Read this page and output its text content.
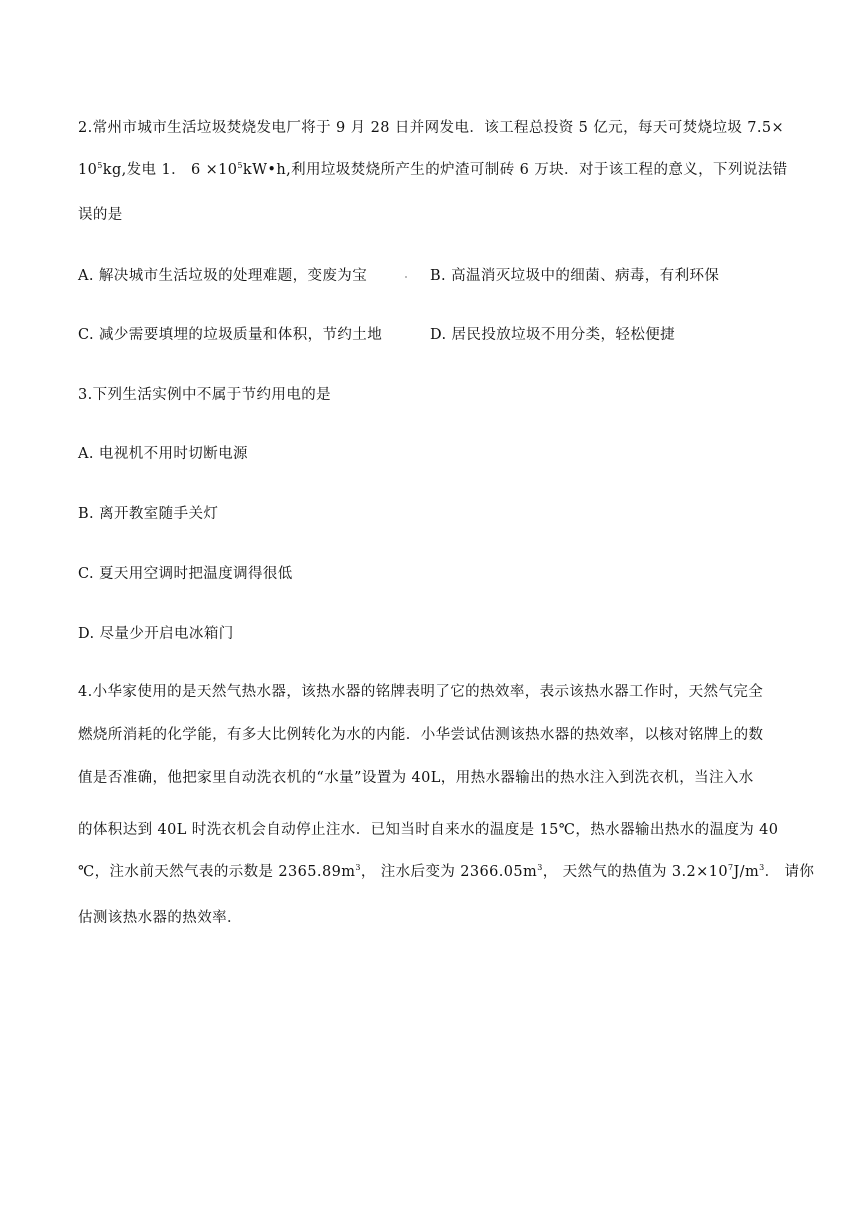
2.常州市城市生活垃圾焚烧发电厂将于 9 月 28 日并网发电．该工程总投资 5 亿元，每天可焚烧垃圾 7.5×
$10^5kg$,发电 1． $6 \times 10^5kW•h$,利用垃圾焚烧所产生的炉渣可制砖 6 万块．对于该工程的意义，下列说法错
误的是
A. 解决城市生活垃圾的处理难题，变废为宝	B. 高温消灭垃圾中的细菌、病毒，有利环保
C. 减少需要填埋的垃圾质量和体积，节约土地	D. 居民投放垃圾不用分类，轻松便捷
3.下列生活实例中不属于节约用电的是
A. 电视机不用时切断电源
B. 离开教室随手关灯
C. 夏天用空调时把温度调得很低
D. 尽量少开启电冰箱门
4.小华家使用的是天然气热水器，该热水器的铭牌表明了它的热效率，表示该热水器工作时，天然气完全
燃烧所消耗的化学能，有多大比例转化为水的内能．小华尝试估测该热水器的热效率，以核对铭牌上的数
值是否准确，他把家里自动洗衣机的“水量”设置为 40L，用热水器输出的热水注入到洗衣机，当注入水
的体积达到 40L 时洗衣机会自动停止注水．已知当时自来水的温度是 15℃，热水器输出热水的温度为 40
℃，注水前天然气表的示数是 $2365.89m^3$， 注水后变为 $2366.05m^3$， 天然气的热值为 $3.2\times 10^7J/m^3$． 请你
估测该热水器的热效率．
